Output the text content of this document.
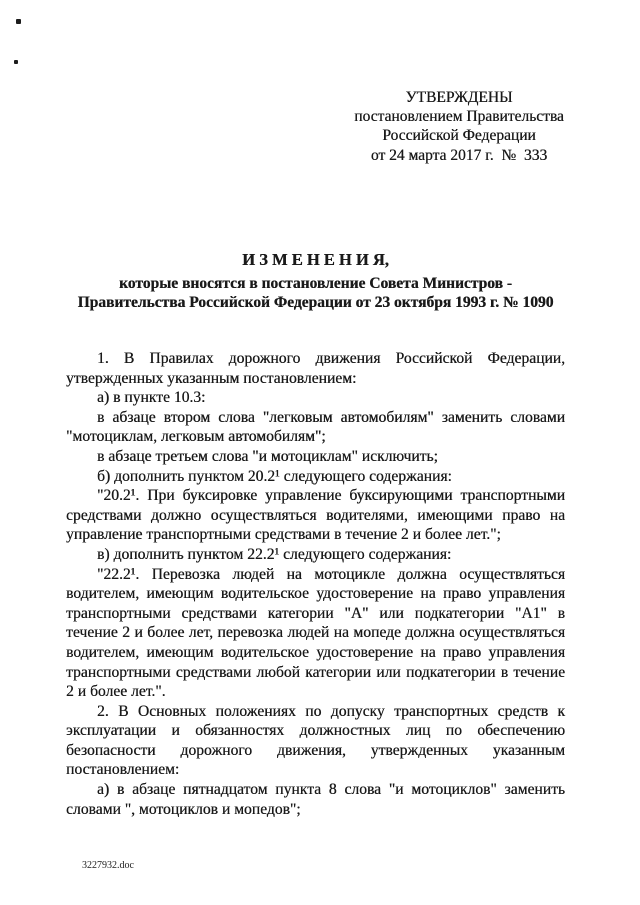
УТВЕРЖДЕНЫ
постановлением Правительства
Российской Федерации
от 24 марта 2017 г.  №  333
И З М Е Н Е Н И Я,
которые вносятся в постановление Совета Министров -
Правительства Российской Федерации от 23 октября 1993 г. № 1090

1. В Правилах дорожного движения Российской Федерации, утвержденных указанным постановлением:

а) в пункте 10.3:

в абзаце втором слова "легковым автомобилям" заменить словами "мотоциклам, легковым автомобилям";

в абзаце третьем слова "и мотоциклам" исключить;

б) дополнить пунктом 20.2¹ следующего содержания:

"20.2¹. При буксировке управление буксирующими транспортными средствами должно осуществляться водителями, имеющими право на управление транспортными средствами в течение 2 и более лет.";

в) дополнить пунктом 22.2¹ следующего содержания:

"22.2¹. Перевозка людей на мотоцикле должна осуществляться водителем, имеющим водительское удостоверение на право управления транспортными средствами категории "А" или подкатегории "А1" в течение 2 и более лет, перевозка людей на мопеде должна осуществляться водителем, имеющим водительское удостоверение на право управления транспортными средствами любой категории или подкатегории в течение 2 и более лет.".

2. В Основных положениях по допуску транспортных средств к эксплуатации и обязанностях должностных лиц по обеспечению безопасности дорожного движения, утвержденных указанным постановлением:

а) в абзаце пятнадцатом пункта 8 слова "и мотоциклов" заменить словами ", мотоциклов и мопедов";

3227932.doc
